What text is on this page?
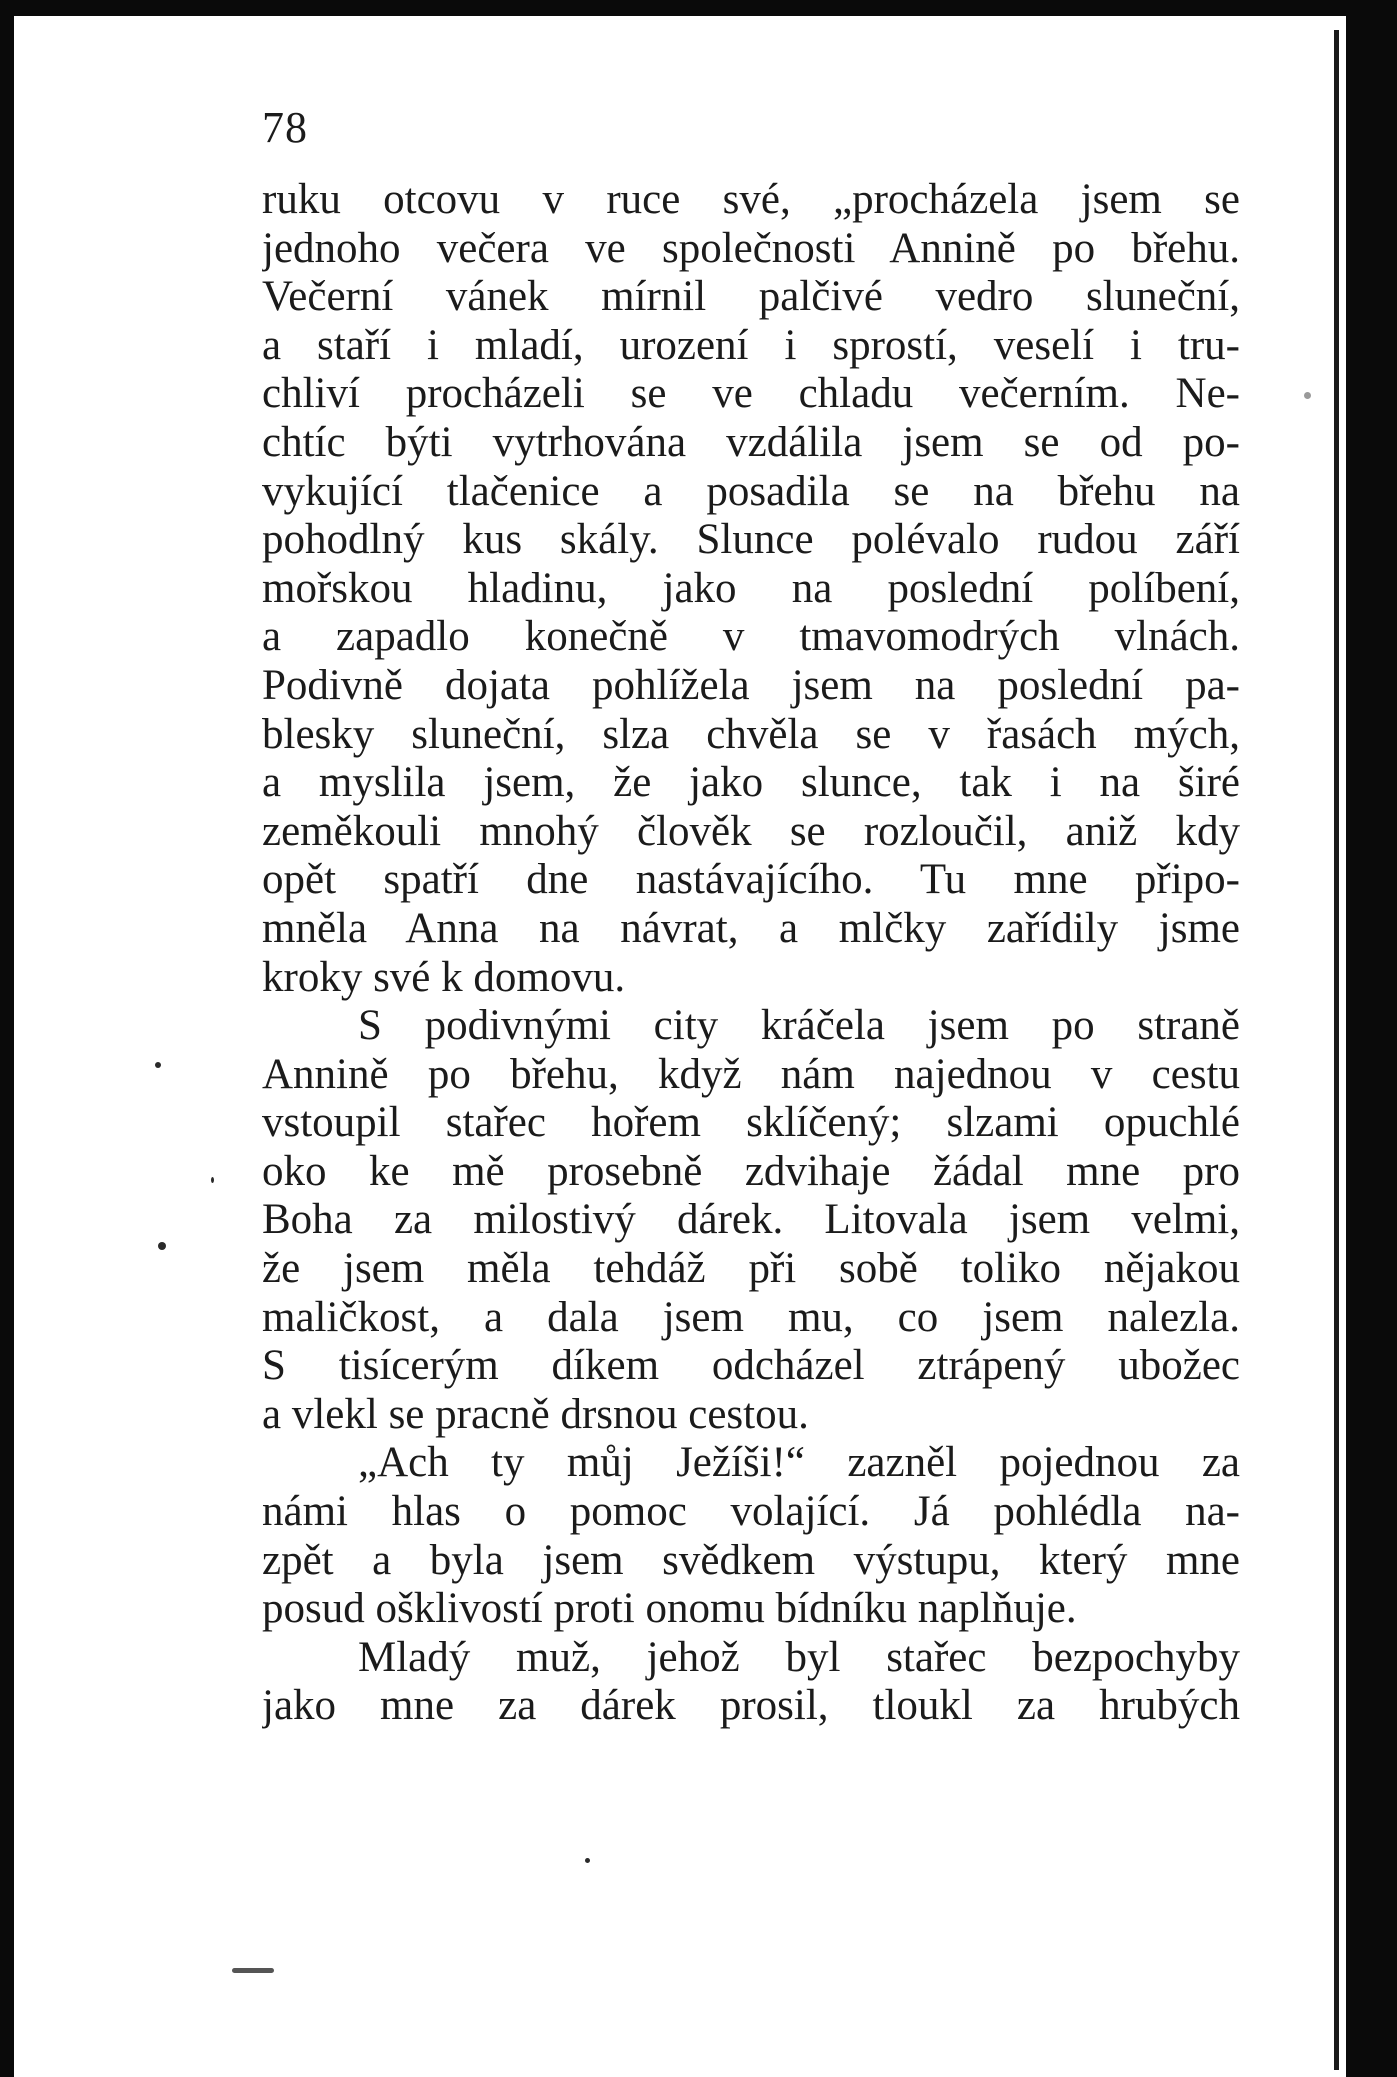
78
ruku otcovu v ruce své, „procházela jsem se
jednoho večera ve společnosti Annině po břehu.
Večerní vánek mírnil palčivé vedro sluneční,
a staří i mladí, urození i sprostí, veselí i tru-
chliví procházeli se ve chladu večerním. Ne-
chtíc býti vytrhována vzdálila jsem se od po-
vykující tlačenice a posadila se na břehu na
pohodlný kus skály. Slunce polévalo rudou září
mořskou hladinu, jako na poslední políbení,
a zapadlo konečně v tmavomodrých vlnách.
Podivně dojata pohlížela jsem na poslední pa-
blesky sluneční, slza chvěla se v řasách mých,
a myslila jsem, že jako slunce, tak i na širé
zeměkouli mnohý člověk se rozloučil, aniž kdy
opět spatří dne nastávajícího. Tu mne připo-
mněla Anna na návrat, a mlčky zařídily jsme
kroky své k domovu.
S podivnými city kráčela jsem po straně
Annině po břehu, když nám najednou v cestu
vstoupil stařec hořem sklíčený; slzami opuchlé
oko ke mě prosebně zdvihaje žádal mne pro
Boha za milostivý dárek. Litovala jsem velmi,
že jsem měla tehdáž při sobě toliko nějakou
maličkost, a dala jsem mu, co jsem nalezla.
S tisícerým díkem odcházel ztrápený ubožec
a vlekl se pracně drsnou cestou.
„Ach ty můj Ježíši!“ zazněl pojednou za
námi hlas o pomoc volající. Já pohlédla na-
zpět a byla jsem svědkem výstupu, který mne
posud ošklivostí proti onomu bídníku naplňuje.
Mladý muž, jehož byl stařec bezpochyby
jako mne za dárek prosil, tloukl za hrubých
